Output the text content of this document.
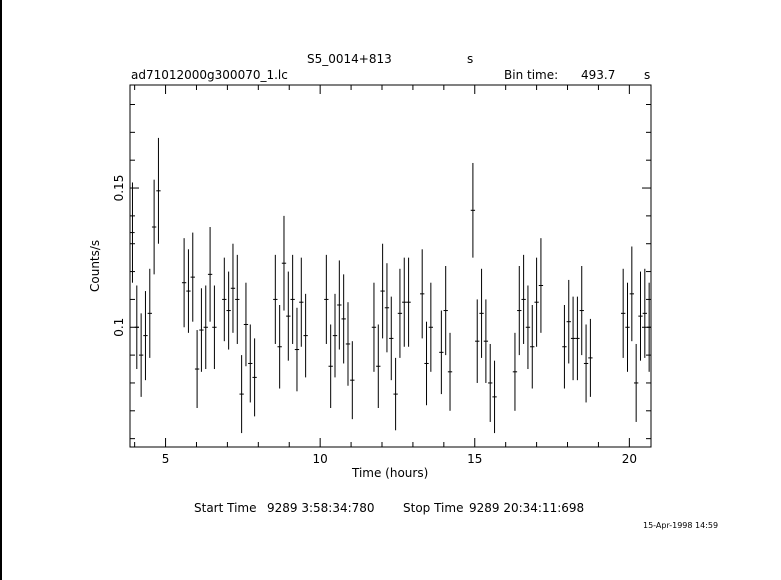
S5_0014+813	s
ad71012000g300070_1.lc	Bin time: 493.7 s
5	10	15	20
0.1
0.15
Time (hours)
Counts/s
Start Time 9289 3:58:34:780 Stop Time 9289 20:34:11:698
15-Apr-1998 14:59
